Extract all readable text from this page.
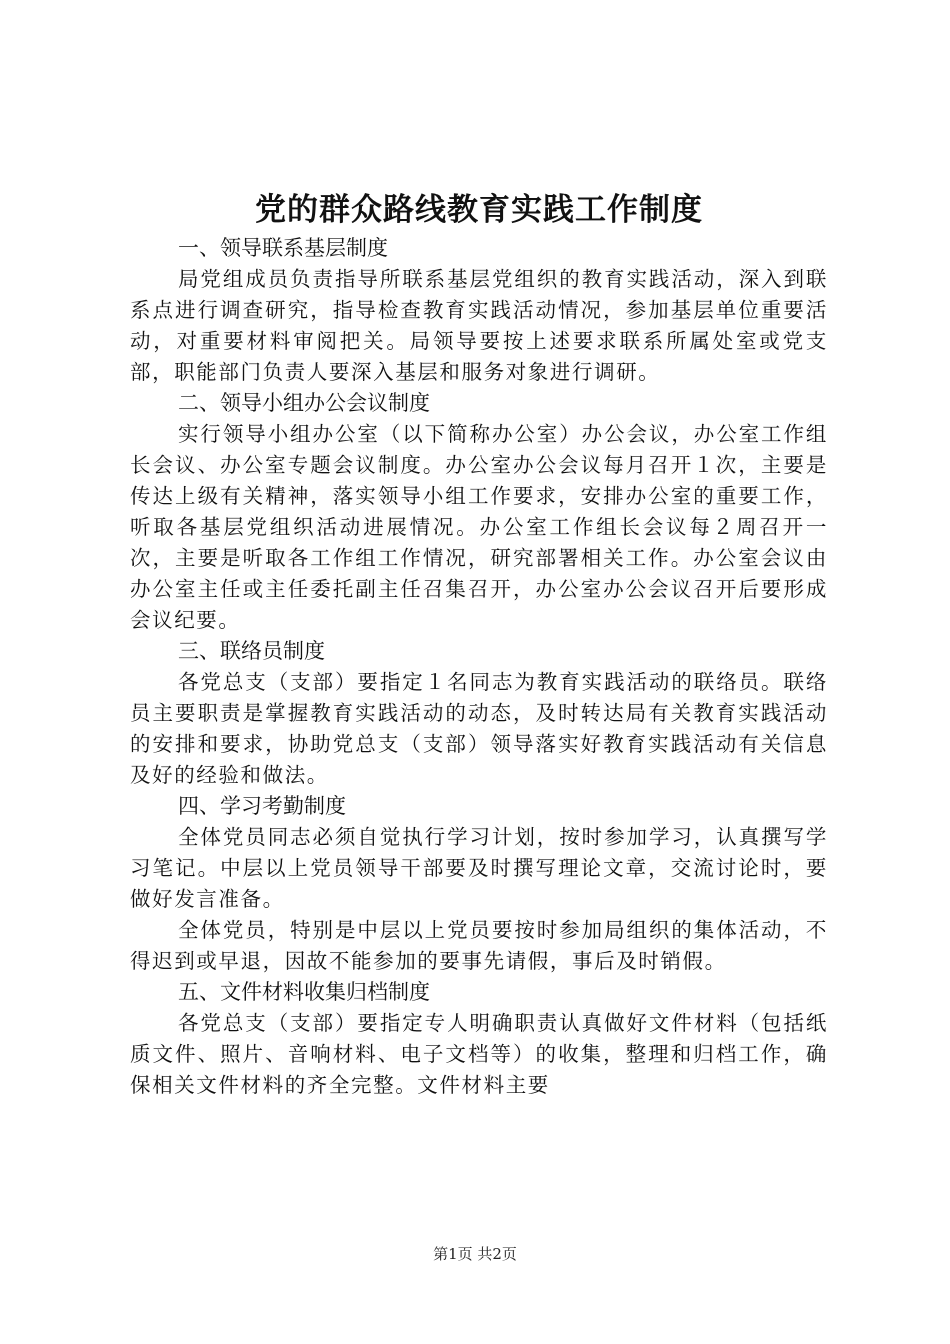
党的群众路线教育实践工作制度
一、领导联系基层制度

局党组成员负责指导所联系基层党组织的教育实践活动，深入到联系点进行调查研究，指导检查教育实践活动情况，参加基层单位重要活动，对重要材料审阅把关。局领导要按上述要求联系所属处室或党支部，职能部门负责人要深入基层和服务对象进行调研。

二、领导小组办公会议制度

实行领导小组办公室（以下简称办公室）办公会议，办公室工作组长会议、办公室专题会议制度。办公室办公会议每月召开１次，主要是传达上级有关精神，落实领导小组工作要求，安排办公室的重要工作，听取各基层党组织活动进展情况。办公室工作组长会议每２周召开一次，主要是听取各工作组工作情况，研究部署相关工作。办公室会议由办公室主任或主任委托副主任召集召开，办公室办公会议召开后要形成会议纪要。

三、联络员制度

各党总支（支部）要指定１名同志为教育实践活动的联络员。联络员主要职责是掌握教育实践活动的动态，及时转达局有关教育实践活动的安排和要求，协助党总支（支部）领导落实好教育实践活动有关信息及好的经验和做法。

四、学习考勤制度

全体党员同志必须自觉执行学习计划，按时参加学习，认真撰写学习笔记。中层以上党员领导干部要及时撰写理论文章，交流讨论时，要做好发言准备。

全体党员，特别是中层以上党员要按时参加局组织的集体活动，不得迟到或早退，因故不能参加的要事先请假，事后及时销假。

五、文件材料收集归档制度

各党总支（支部）要指定专人明确职责认真做好文件材料（包括纸质文件、照片、音响材料、电子文档等）的收集，整理和归档工作，确保相关文件材料的齐全完整。文件材料主要

第1页 共2页
